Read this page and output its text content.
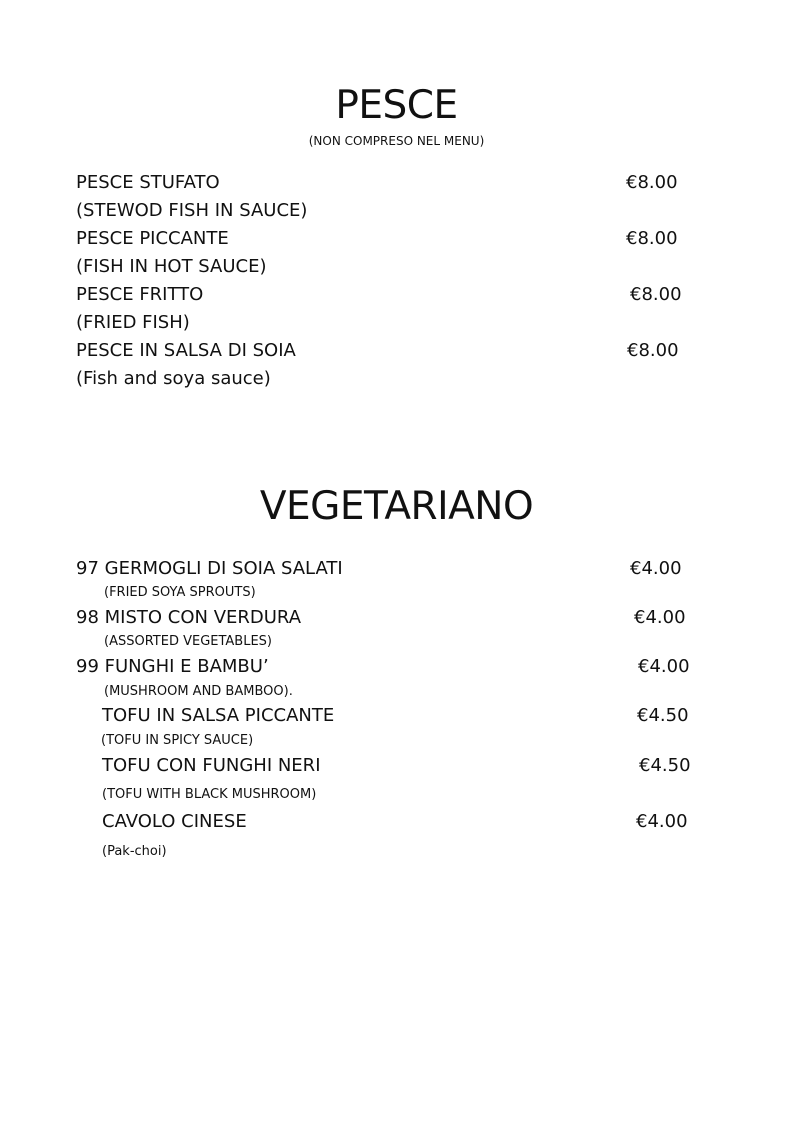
PESCE
(NON COMPRESO NEL MENU)
PESCE STUFATO	€8.00
(STEWOD FISH IN SAUCE)
PESCE PICCANTE	€8.00
(FISH IN HOT SAUCE)
PESCE FRITTO	€8.00
(FRIED FISH)
PESCE IN SALSA DI SOIA	€8.00
(Fish and soya sauce)
VEGETARIANO
97 GERMOGLI DI SOIA SALATI	€4.00
(FRIED SOYA SPROUTS)
98 MISTO CON VERDURA	€4.00
(ASSORTED VEGETABLES)
99 FUNGHI E BAMBU’	€4.00
(MUSHROOM AND BAMBOO).
TOFU IN SALSA PICCANTE	€4.50
(TOFU IN SPICY SAUCE)
TOFU CON FUNGHI NERI	€4.50
(TOFU WITH BLACK MUSHROOM)
CAVOLO CINESE	€4.00
(Pak-choi)
